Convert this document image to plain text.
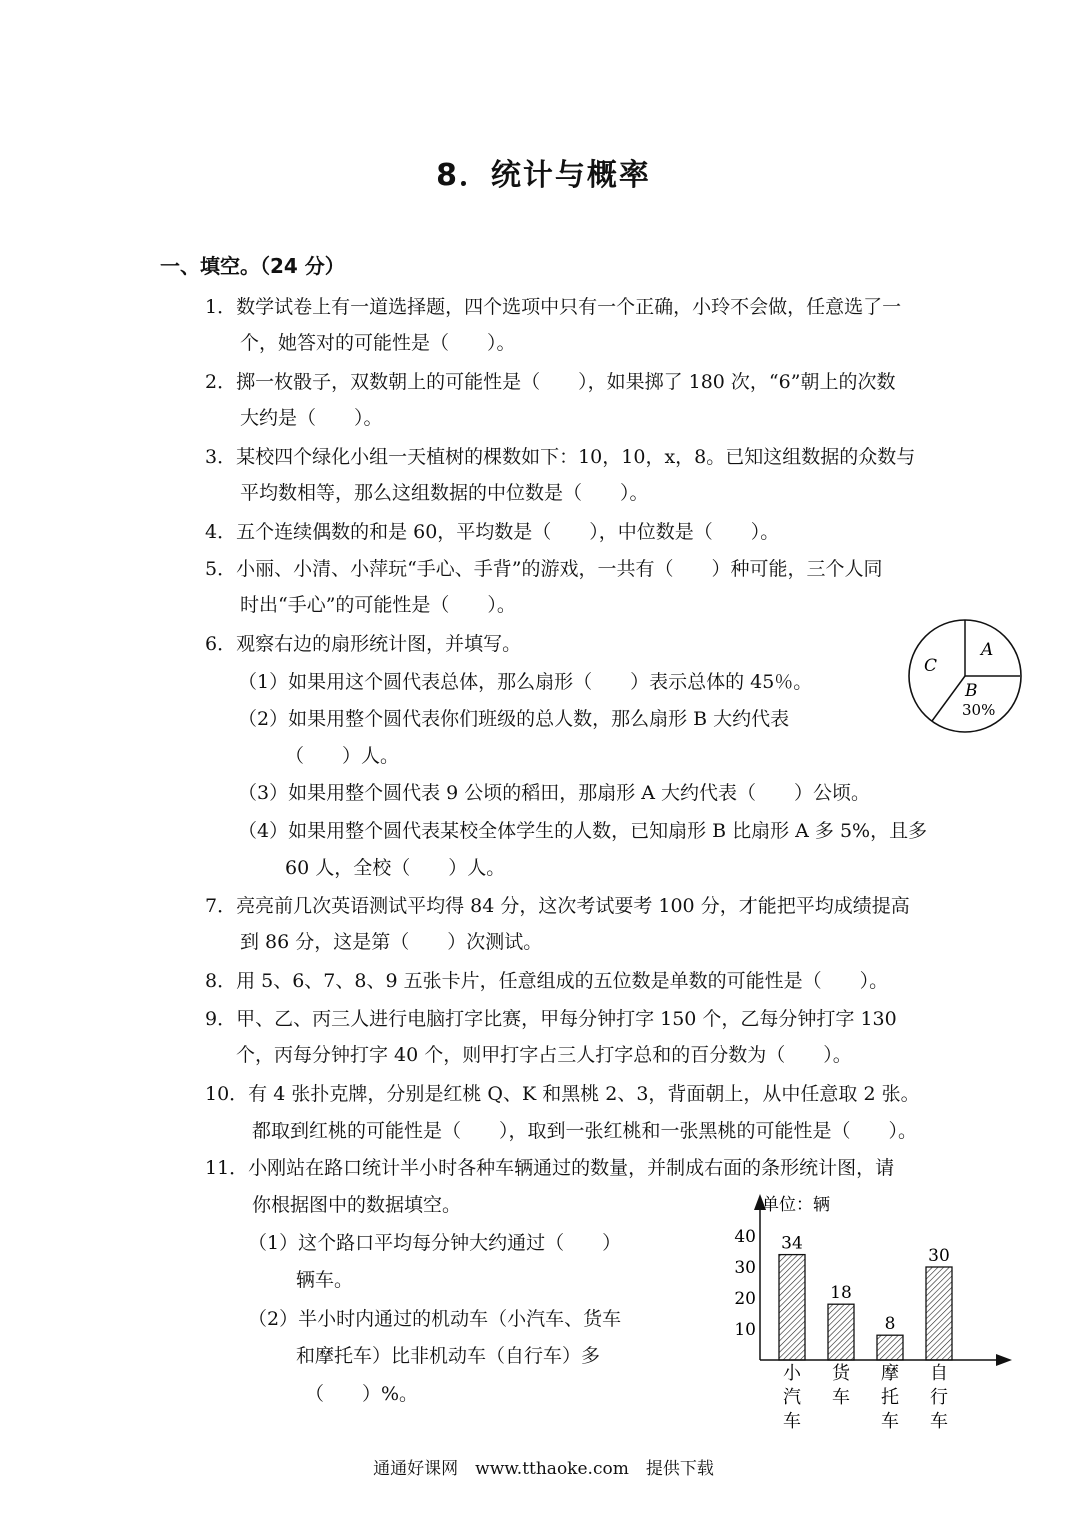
8．统计与概率
一、填空。（24 分）
1．数学试卷上有一道选择题，四个选项中只有一个正确，小玲不会做，任意选了一
个，她答对的可能性是（　　）。
2．掷一枚骰子，双数朝上的可能性是（　　），如果掷了 180 次，“6”朝上的次数
大约是（　　）。
3．某校四个绿化小组一天植树的棵数如下：10，10，x，8。已知这组数据的众数与
平均数相等，那么这组数据的中位数是（　　）。
4．五个连续偶数的和是 60，平均数是（　　），中位数是（　　）。
5．小丽、小清、小萍玩“手心、手背”的游戏，一共有（　　）种可能，三个人同
时出“手心”的可能性是（　　）。
6．观察右边的扇形统计图，并填写。
（1）如果用这个圆代表总体，那么扇形（　　）表示总体的 45％。
（2）如果用整个圆代表你们班级的总人数，那么扇形 B 大约代表
（　　）人。
（3）如果用整个圆代表 9 公顷的稻田，那扇形 A 大约代表（　　）公顷。
（4）如果用整个圆代表某校全体学生的人数，已知扇形 B 比扇形 A 多 5%，且多
60 人，全校（　　）人。
7．亮亮前几次英语测试平均得 84 分，这次考试要考 100 分，才能把平均成绩提高
到 86 分，这是第（　　）次测试。
8．用 5、6、7、8、9 五张卡片，任意组成的五位数是单数的可能性是（　　）。
9．甲、乙、丙三人进行电脑打字比赛，甲每分钟打字 150 个，乙每分钟打字 130
个，丙每分钟打字 40 个，则甲打字占三人打字总和的百分数为（　　）。
10．有 4 张扑克牌，分别是红桃 Q、K 和黑桃 2、3，背面朝上，从中任意取 2 张。
都取到红桃的可能性是（　　），取到一张红桃和一张黑桃的可能性是（　　）。
11．小刚站在路口统计半小时各种车辆通过的数量，并制成右面的条形统计图，请
你根据图中的数据填空。
（1）这个路口平均每分钟大约通过（　　）
辆车。
（2）半小时内通过的机动车（小汽车、货车
和摩托车）比非机动车（自行车）多
（　　）%。
A
B
C
30%
单位：辆
10
20
30
40 34
18
8
30
小
汽
车
货
车
摩
托
车
自
行
车
通通好课网　www.tthaoke.com　提供下载
